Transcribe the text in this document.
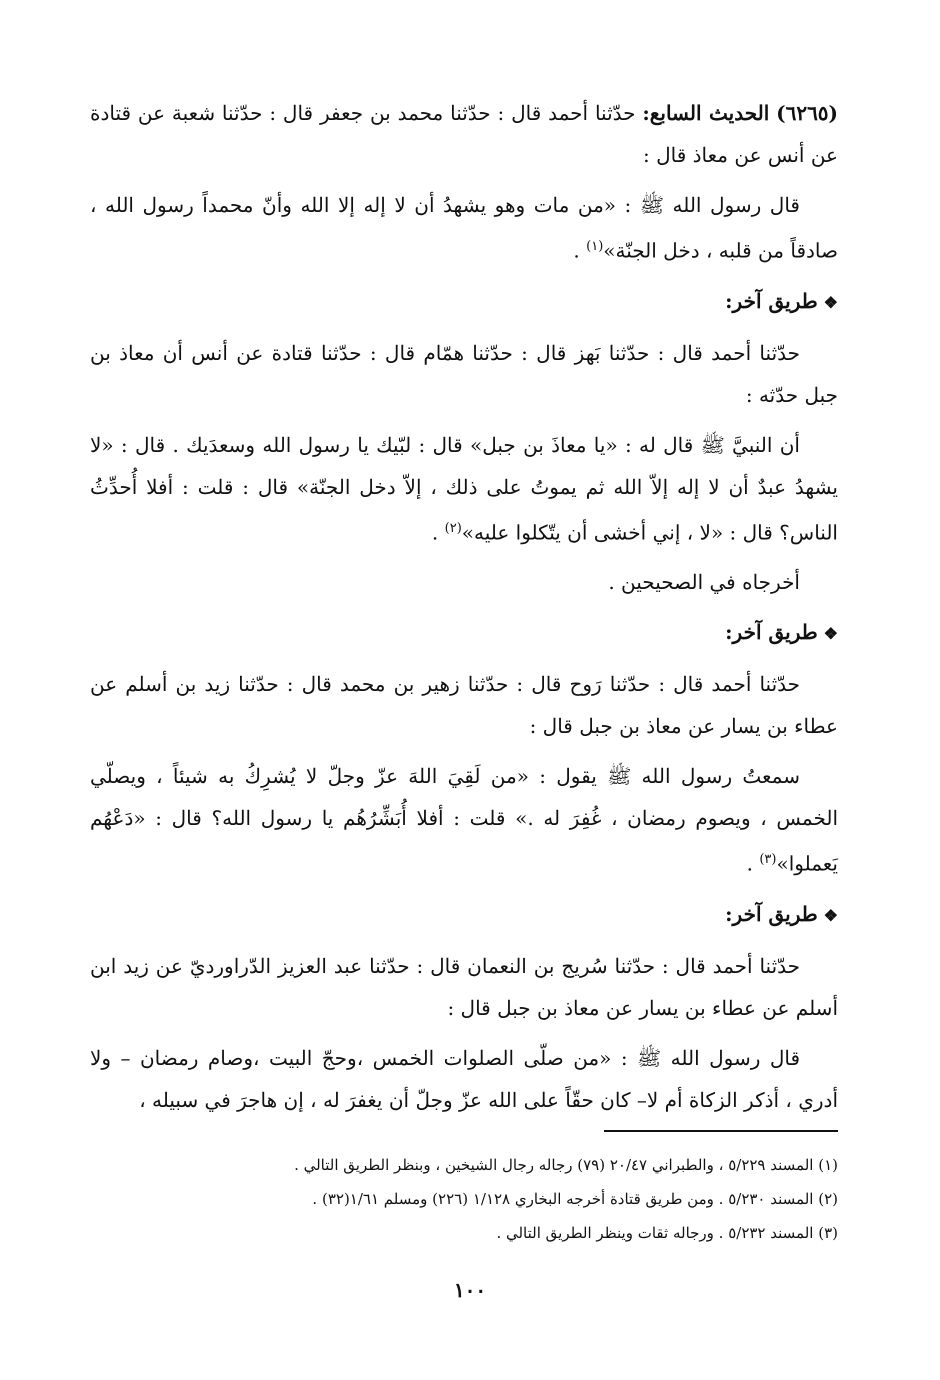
(٦٢٦٥) الحديث السابع: حدّثنا أحمد قال : حدّثنا محمد بن جعفر قال : حدّثنا شعبة عن قتادة عن أنس عن معاذ قال :

قال رسول الله ﷺ : «من مات وهو يشهدُ أن لا إله إلا الله وأنّ محمداً رسول الله ، صادقاً من قلبه ، دخل الجنّة»$^{(١)}$ .

❖طريق آخر:

حدّثنا أحمد قال : حدّثنا بَهز قال : حدّثنا همّام قال : حدّثنا قتادة عن أنس أن معاذ بن جبل حدّثه :

أن النبيَّ ﷺ قال له : «يا معاذَ بن جبل» قال : لبّيك يا رسول الله وسعدَيك . قال : «لا يشهدُ عبدٌ أن لا إله إلاّ الله ثم يموتُ على ذلك ، إلاّ دخل الجنّة» قال : قلت : أفلا أُحدِّثُ الناس؟ قال : «لا ، إني أخشى أن يتّكلوا عليه»$^{(٢)}$ .

أخرجاه في الصحيحين .

❖طريق آخر:

حدّثنا أحمد قال : حدّثنا رَوح قال : حدّثنا زهير بن محمد قال : حدّثنا زيد بن أسلم عن عطاء بن يسار عن معاذ بن جبل قال :

سمعتُ رسول الله ﷺ يقول : «من لَقِيَ اللهَ عزّ وجلّ لا يُشرِكُ به شيئاً ، ويصلّي الخمس ، ويصوم رمضان ، غُفِرَ له .» قلت : أفلا أُبَشِّرُهُم يا رسول الله؟ قال : «دَعْهُم يَعملوا»$^{(٣)}$ .

❖طريق آخر:

حدّثنا أحمد قال : حدّثنا سُريج بن النعمان قال : حدّثنا عبد العزيز الدّراورديّ عن زيد ابن أسلم عن عطاء بن يسار عن معاذ بن جبل قال :

قال رسول الله ﷺ : «من صلّى الصلوات الخمس ،وحجّ البيت ،وصام رمضان – ولا أدري ، أذكر الزكاة أم لا– كان حقّاً على الله عزّ وجلّ أن يغفرَ له ، إن هاجرَ في سبيله ،

(١) المسند ٥/٢٢٩ ، والطبراني ٢٠/٤٧ (٧٩) رجاله رجال الشيخين ، وبنظر الطريق التالي .

(٢) المسند ٥/٢٣٠ . ومن طريق قتادة أخرجه البخاري ١/١٢٨ (٢٢٦) ومسلم ١/٦١(٣٢) .

(٣) المسند ٥/٢٣٢ . ورجاله ثقات وينظر الطريق التالي .

١٠٠
